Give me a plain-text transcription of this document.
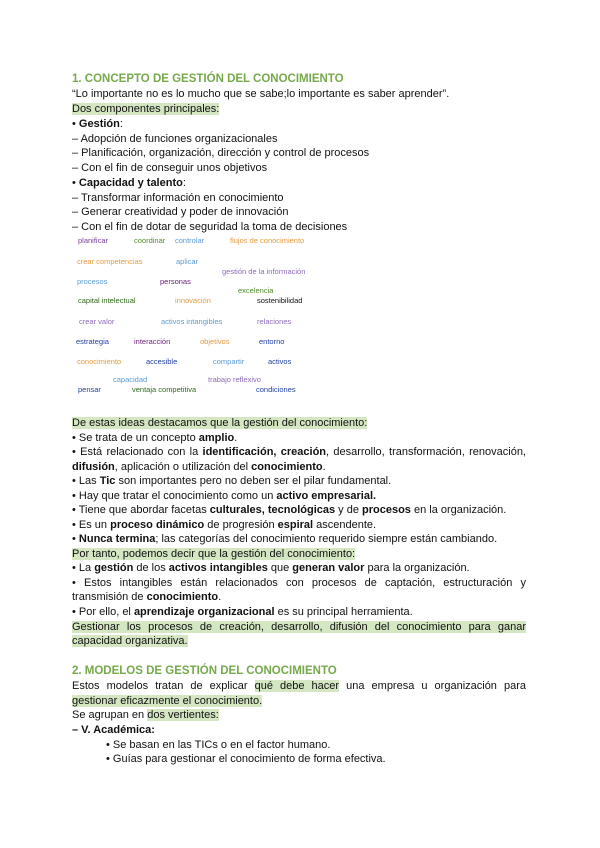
1. CONCEPTO DE GESTIÓN DEL CONOCIMIENTO
“Lo importante no es lo mucho que se sabe;lo importante es saber aprender”.
Dos componentes principales:
• Gestión:
– Adopción de funciones organizacionales
– Planificación, organización, dirección y control de procesos
– Con el fin de conseguir unos objetivos
• Capacidad y talento:
– Transformar información en conocimiento
– Generar creatividad y poder de innovación
– Con el fin de dotar de seguridad la toma de decisiones
planificar	coordinar controlar	flujos de conocimiento
crear competencias	aplicar
gestión de la información
procesos	personas
excelencia
capital intelectual	innovación	sostenibilidad
crear valor	activos intangibles	relaciones
estrategia	interacción	objetivos	entorno
conocimiento	accesible	compartir	activos
capacidad	trabajo reflexivo
pensar	ventaja competitiva	condiciones
De estas ideas destacamos que la gestión del conocimiento:
• Se trata de un concepto amplio.
• Está relacionado con la identificación, creación, desarrollo, transformación, renovación,
difusión, aplicación o utilización del conocimiento.
• Las Tic son importantes pero no deben ser el pilar fundamental.
• Hay que tratar el conocimiento como un activo empresarial.
• Tiene que abordar facetas culturales, tecnológicas y de procesos en la organización.
• Es un proceso dinámico de progresión espiral ascendente.
• Nunca termina; las categorías del conocimiento requerido siempre están cambiando.
Por tanto, podemos decir que la gestión del conocimiento:
• La gestión de los activos intangibles que generan valor para la organización.
• Estos intangibles están relacionados con procesos de captación, estructuración y
transmisión de conocimiento.
• Por ello, el aprendizaje organizacional es su principal herramienta.
Gestionar los procesos de creación, desarrollo, difusión del conocimiento para ganar
capacidad organizativa.
2. MODELOS DE GESTIÓN DEL CONOCIMIENTO
Estos modelos tratan de explicar qué debe hacer una empresa u organización para
gestionar eficazmente el conocimiento.
Se agrupan en dos vertientes:
– V. Académica:
• Se basan en las TICs o en el factor humano.
• Guías para gestionar el conocimiento de forma efectiva.
